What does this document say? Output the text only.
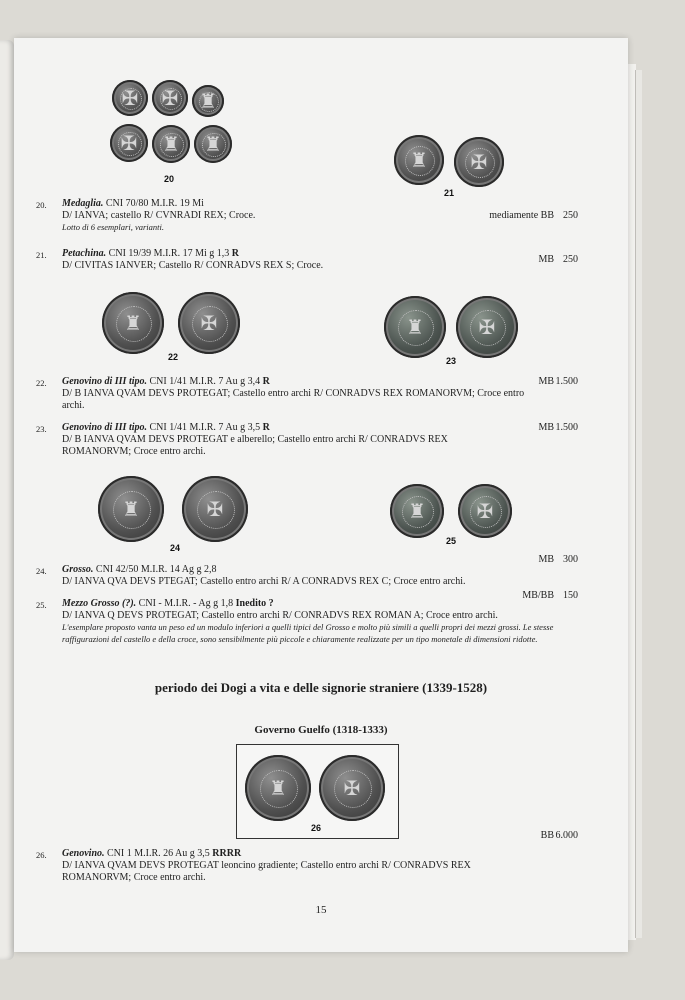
✠
✠
♜
✠
♜
♜
20
♜
✠
21
20. Medaglia. CNI 70/80 M.I.R. 19 Mi
D/ IANVA; castello R/ CVNRADI REX; Croce.
Lotto di 6 esemplari, varianti.
mediamente BB 250
21. Petachina. CNI 19/39 M.I.R. 17 Mi g 1,3 R
D/ CIVITAS IANVER; Castello R/ CONRADVS REX S; Croce.
MB 250
♜
✠
22
♜
✠	23
22. Genovino di III tipo. CNI 1/41 M.I.R. 7 Au g 3,4 R
D/ B IANVA QVAM DEVS PROTEGAT; Castello entro archi R/ CONRADVS REX ROMANORVM; Croce entro archi.
MB 1.500
23. Genovino di III tipo. CNI 1/41 M.I.R. 7 Au g 3,5 R
D/ B IANVA QVAM DEVS PROTEGAT e alberello; Castello entro archi R/ CONRADVS REX ROMANORVM; Croce entro archi.
MB 1.500
♜
✠
24
♜
✠
25
24. Grosso. CNI 42/50 M.I.R. 14 Ag g 2,8
D/ IANVA QVA DEVS PTEGAT; Castello entro archi R/ A CONRADVS REX C; Croce entro archi.
MB 300
25. Mezzo Grosso (?). CNI - M.I.R. - Ag g 1,8 Inedito ?
D/ IANVA Q DEVS PROTEGAT; Castello entro archi R/ CONRADVS REX ROMAN A; Croce entro archi.
L'esemplare proposto vanta un peso ed un modulo inferiori a quelli tipici del Grosso e molto più simili a quelli propri dei mezzi grossi. Le stesse raffigurazioni del castello e della croce, sono sensibilmente più piccole e chiaramente realizzate per un tipo monetale di dimensioni ridotte.
MB/BB 150
periodo dei Dogi a vita e delle signorie straniere (1339-1528)
Governo Guelfo (1318-1333)
♜
✠
26
BB 6.000
26. Genovino. CNI 1 M.I.R. 26 Au g 3,5 RRRR
D/ IANVA QVAM DEVS PROTEGAT leoncino gradiente; Castello entro archi R/ CONRADVS REX ROMANORVM; Croce entro archi.
15
